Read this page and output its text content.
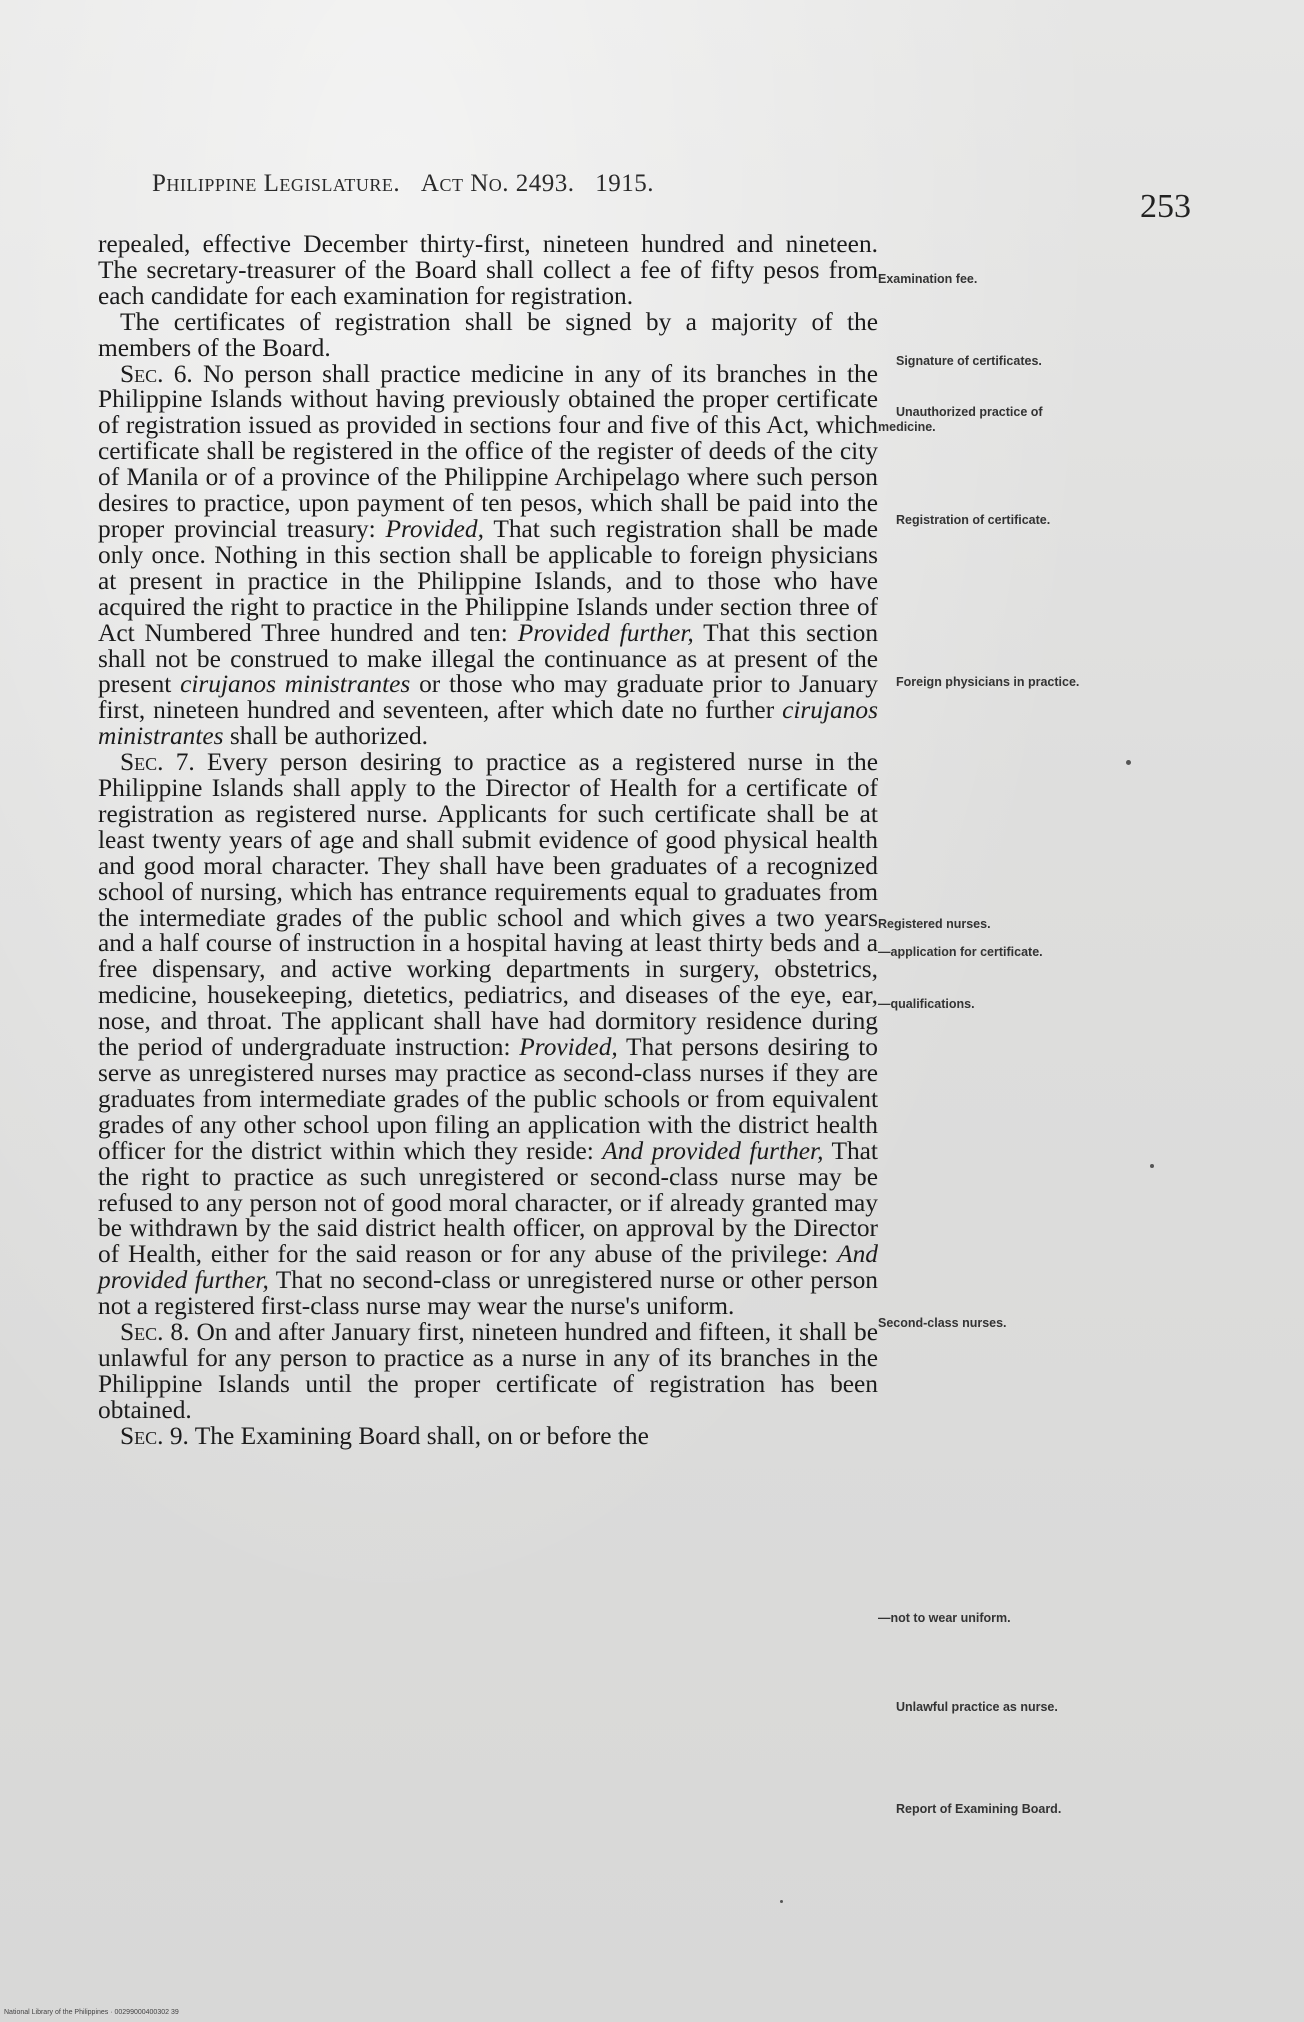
Philippine Legislature. Act No. 2493. 1915.
253

repealed, effective December thirty-first, nineteen hundred and nineteen. The secretary-treasurer of the Board shall collect a fee of fifty pesos from each candidate for each examination for registration.

The certificates of registration shall be signed by a majority of the members of the Board.

Sec. 6. No person shall practice medicine in any of its branches in the Philippine Islands without having previously obtained the proper certificate of registration issued as provided in sections four and five of this Act, which certificate shall be registered in the office of the register of deeds of the city of Manila or of a province of the Philippine Archipelago where such person desires to practice, upon payment of ten pesos, which shall be paid into the proper provincial treasury: Provided, That such registration shall be made only once. Nothing in this section shall be applicable to foreign physicians at present in practice in the Philippine Islands, and to those who have acquired the right to practice in the Philippine Islands under section three of Act Numbered Three hundred and ten: Provided further, That this section shall not be construed to make illegal the continuance as at present of the present cirujanos ministrantes or those who may graduate prior to January first, nineteen hundred and seventeen, after which date no further cirujanos ministrantes shall be authorized.

Sec. 7. Every person desiring to practice as a registered nurse in the Philippine Islands shall apply to the Director of Health for a certificate of registration as registered nurse. Applicants for such certificate shall be at least twenty years of age and shall submit evidence of good physical health and good moral character. They shall have been graduates of a recognized school of nursing, which has entrance requirements equal to graduates from the intermediate grades of the public school and which gives a two years and a half course of instruction in a hospital having at least thirty beds and a free dispensary, and active working departments in surgery, obstetrics, medicine, housekeeping, dietetics, pediatrics, and diseases of the eye, ear, nose, and throat. The applicant shall have had dormitory residence during the period of undergraduate instruction: Provided, That persons desiring to serve as unregistered nurses may practice as second-class nurses if they are graduates from intermediate grades of the public schools or from equivalent grades of any other school upon filing an application with the district health officer for the district within which they reside: And provided further, That the right to practice as such unregistered or second-class nurse may be refused to any person not of good moral character, or if already granted may be withdrawn by the said district health officer, on approval by the Director of Health, either for the said reason or for any abuse of the privilege: And provided further, That no second-class or unregistered nurse or other person not a registered first-class nurse may wear the nurse's uniform.

Sec. 8. On and after January first, nineteen hundred and fifteen, it shall be unlawful for any person to practice as a nurse in any of its branches in the Philippine Islands until the proper certificate of registration has been obtained.

Sec. 9. The Examining Board shall, on or before the

Examination fee.
Signature of certificates.
Unauthorized practice of medicine.
Registration of certificate.
Foreign physicians in practice.
Registered nurses.
—application for certificate.
—qualifications.
Second-class nurses.
—not to wear uniform.
Unlawful practice as nurse.
Report of Examining Board.
National Library of the Philippines · 00299000400302 39
